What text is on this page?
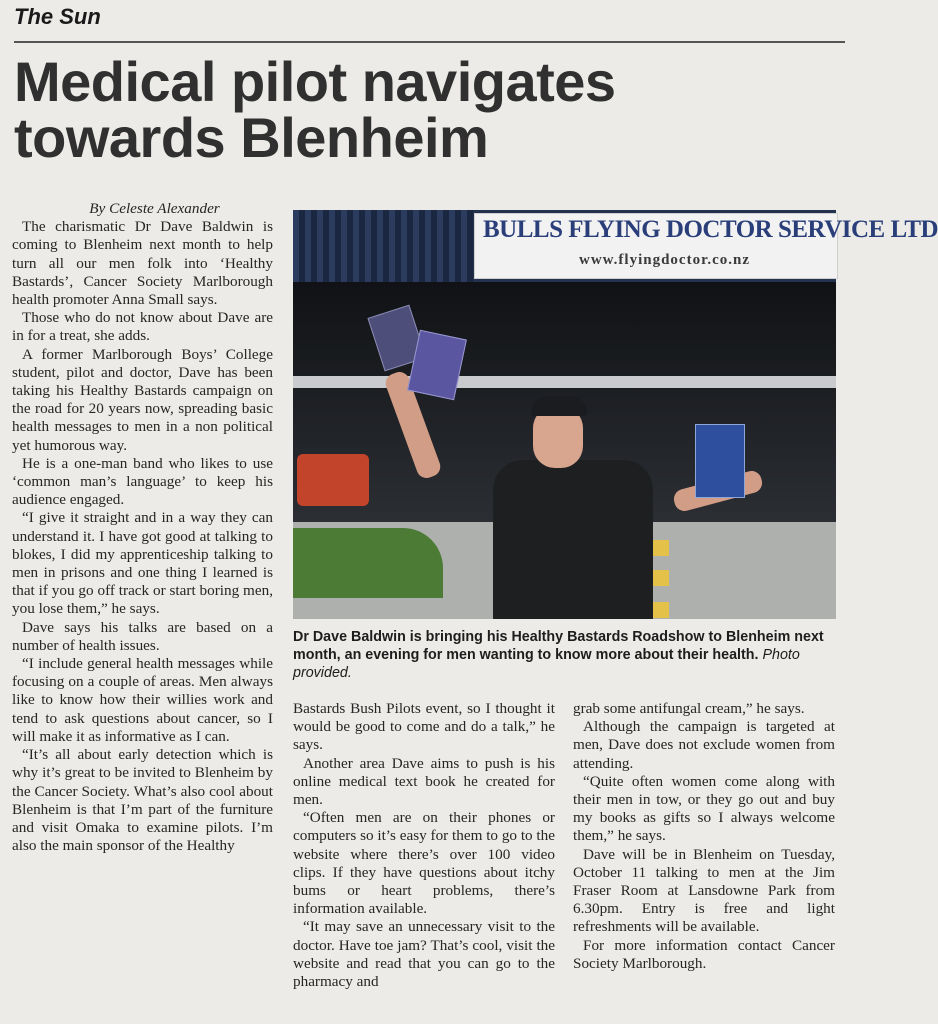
The Sun
Medical pilot navigates
towards Blenheim

By Celeste Alexander

The charismatic Dr Dave Baldwin is coming to Blenheim next month to help turn all our men folk into ‘Healthy Bastards’, Cancer Society Marlborough health promoter Anna Small says.

Those who do not know about Dave are in for a treat, she adds.

A former Marlborough Boys’ College student, pilot and doctor, Dave has been taking his Healthy Bastards campaign on the road for 20 years now, spreading basic health messages to men in a non political yet humorous way.

He is a one-man band who likes to use ‘common man’s language’ to keep his audience engaged.

“I give it straight and in a way they can understand it. I have got good at talking to blokes, I did my apprenticeship talking to men in prisons and one thing I learned is that if you go off track or start boring men, you lose them,” he says.

Dave says his talks are based on a number of health issues.

“I include general health messages while focusing on a couple of areas. Men always like to know how their willies work and tend to ask questions about cancer, so I will make it as informative as I can.

“It’s all about early detection which is why it’s great to be invited to Blenheim by the Cancer Society. What’s also cool about Blenheim is that I’m part of the furniture and visit Omaka to examine pilots. I’m also the main sponsor of the Healthy

BULLS FLYING DOCTOR SERVICE LTD
www.flyingdoctor.co.nz
Dr Dave Baldwin is bringing his Healthy Bastards Roadshow to Blenheim next month, an evening for men wanting to know more about their health. Photo provided.

Bastards Bush Pilots event, so I thought it would be good to come and do a talk,” he says.

Another area Dave aims to push is his online medical text book he created for men.

“Often men are on their phones or computers so it’s easy for them to go to the website where there’s over 100 video clips. If they have questions about itchy bums or heart problems, there’s information available.

“It may save an unnecessary visit to the doctor. Have toe jam? That’s cool, visit the website and read that you can go to the pharmacy and

grab some antifungal cream,” he says.

Although the campaign is targeted at men, Dave does not exclude women from attending.

“Quite often women come along with their men in tow, or they go out and buy my books as gifts so I always welcome them,” he says.

Dave will be in Blenheim on Tuesday, October 11 talking to men at the Jim Fraser Room at Lansdowne Park from 6.30pm. Entry is free and light refreshments will be available.

For more information contact Cancer Society Marlborough.
